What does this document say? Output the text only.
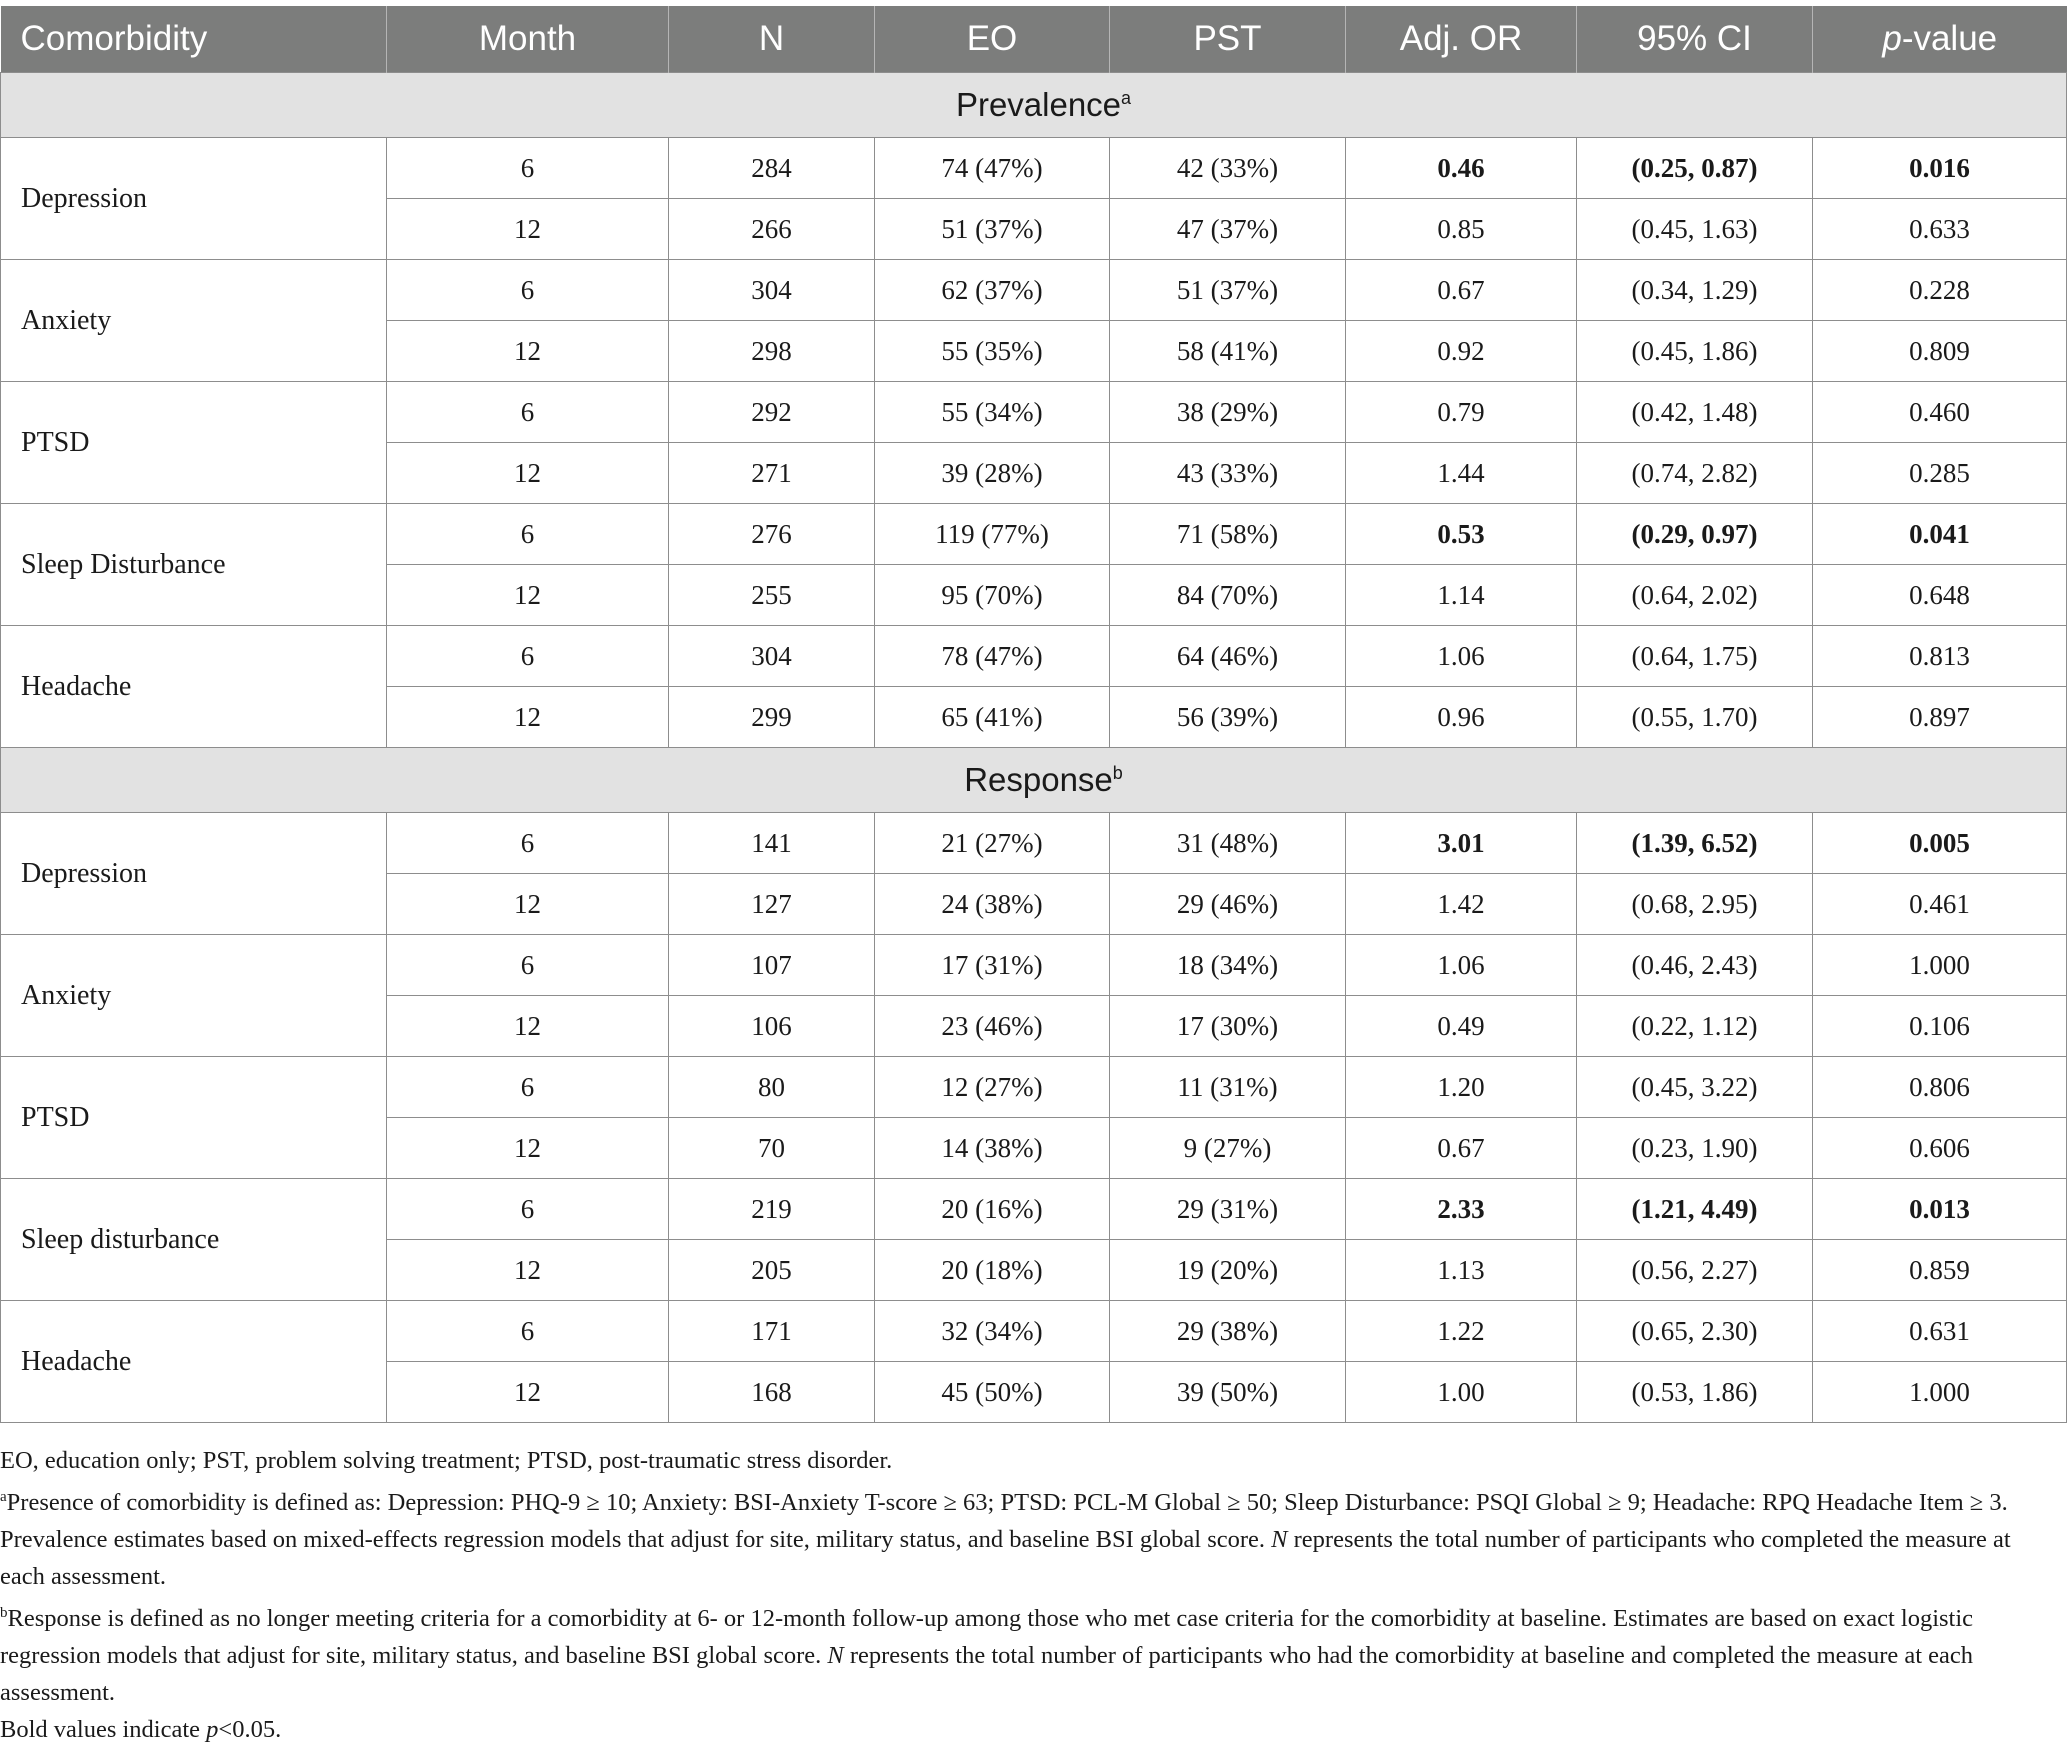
Comorbidity	Month	N	EO	PST	Adj. OR	95% CI	p-value
Prevalence$^a$
Depression	6	284	74 (47%)	42 (33%)	0.46	(0.25, 0.87)	0.016
	12	266	51 (37%)	47 (37%)	0.85	(0.45, 1.63)	0.633
Anxiety	6	304	62 (37%)	51 (37%)	0.67	(0.34, 1.29)	0.228
	12	298	55 (35%)	58 (41%)	0.92	(0.45, 1.86)	0.809
PTSD	6	292	55 (34%)	38 (29%)	0.79	(0.42, 1.48)	0.460
	12	271	39 (28%)	43 (33%)	1.44	(0.74, 2.82)	0.285
Sleep Disturbance	6	276	119 (77%)	71 (58%)	0.53	(0.29, 0.97)	0.041
	12	255	95 (70%)	84 (70%)	1.14	(0.64, 2.02)	0.648
Headache	6	304	78 (47%)	64 (46%)	1.06	(0.64, 1.75)	0.813
	12	299	65 (41%)	56 (39%)	0.96	(0.55, 1.70)	0.897
Response$^b$
Depression	6	141	21 (27%)	31 (48%)	3.01	(1.39, 6.52)	0.005
	12	127	24 (38%)	29 (46%)	1.42	(0.68, 2.95)	0.461
Anxiety	6	107	17 (31%)	18 (34%)	1.06	(0.46, 2.43)	1.000
	12	106	23 (46%)	17 (30%)	0.49	(0.22, 1.12)	0.106
PTSD	6	80	12 (27%)	11 (31%)	1.20	(0.45, 3.22)	0.806
	12	70	14 (38%)	9 (27%)	0.67	(0.23, 1.90)	0.606
Sleep disturbance	6	219	20 (16%)	29 (31%)	2.33	(1.21, 4.49)	0.013
	12	205	20 (18%)	19 (20%)	1.13	(0.56, 2.27)	0.859
Headache	6	171	32 (34%)	29 (38%)	1.22	(0.65, 2.30)	0.631
	12	168	45 (50%)	39 (50%)	1.00	(0.53, 1.86)	1.000

EO, education only; PST, problem solving treatment; PTSD, post-traumatic stress disorder.

$^a$Presence of comorbidity is defined as: Depression: PHQ-9 ≥ 10; Anxiety: BSI-Anxiety T-score ≥ 63; PTSD: PCL-M Global ≥ 50; Sleep Disturbance: PSQI Global ≥ 9; Headache: RPQ Headache Item ≥ 3. Prevalence estimates based on mixed-effects regression models that adjust for site, military status, and baseline BSI global score. N represents the total number of participants who completed the measure at each assessment.

$^b$Response is defined as no longer meeting criteria for a comorbidity at 6- or 12-month follow-up among those who met case criteria for the comorbidity at baseline. Estimates are based on exact logistic regression models that adjust for site, military status, and baseline BSI global score. N represents the total number of participants who had the comorbidity at baseline and completed the measure at each assessment.

Bold values indicate p<0.05.
